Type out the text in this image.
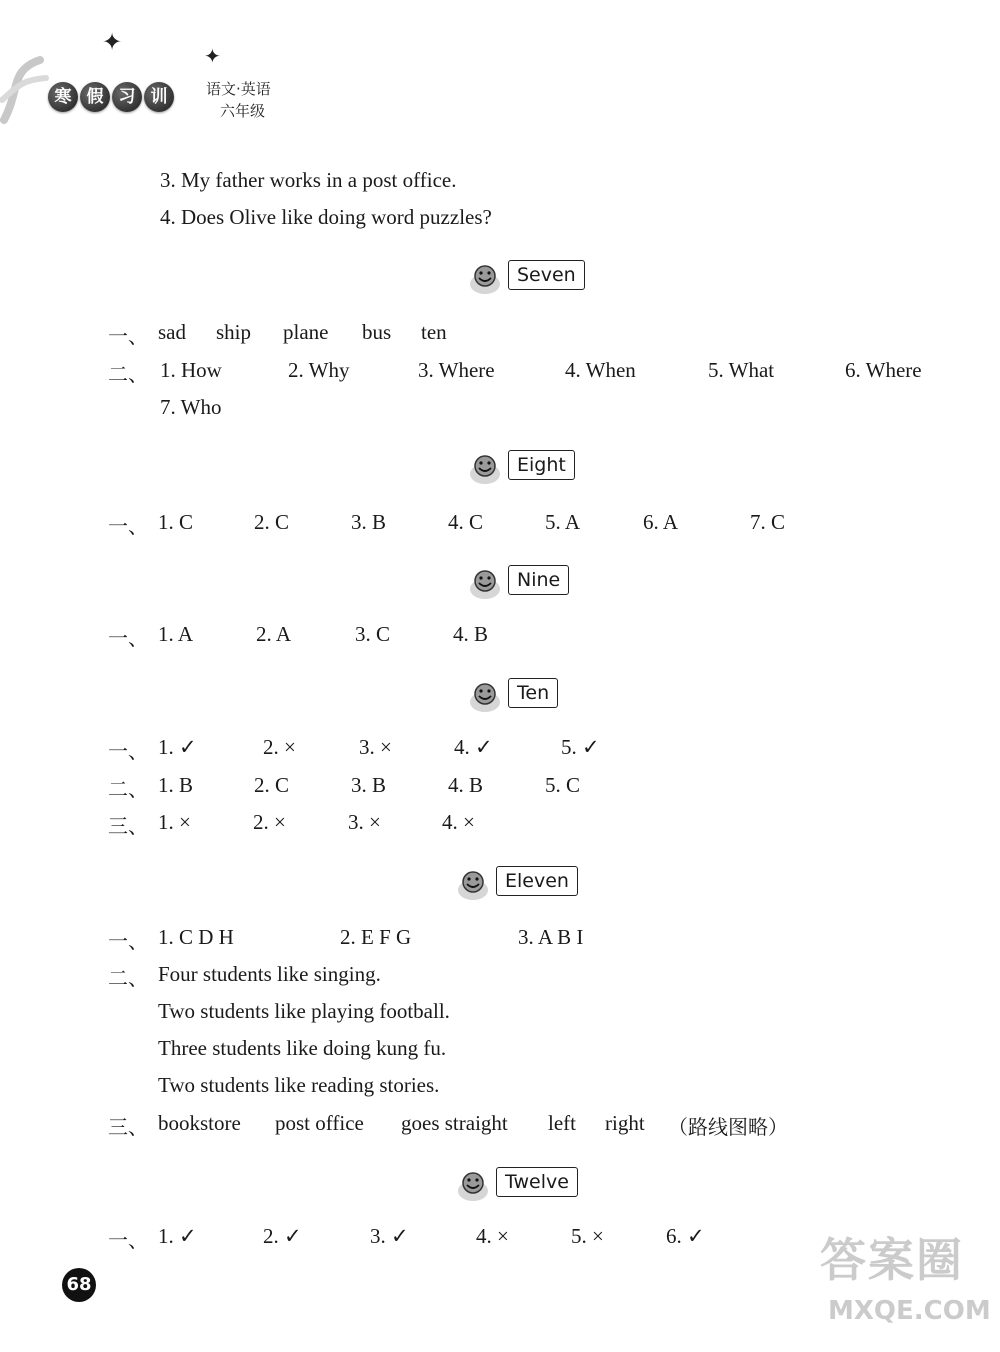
✦	✦
寒 假 习 训	语文·英语
六年级
3. My father works in a post office.
4. Does Olive like doing word puzzles?
Seven
一、 sad ship plane bus ten
二、 1. How	2. Why	3. Where	4. When	5. What	6. Where
7. Who
Eight
一、 1. C	2. C	3. B	4. C	5. A	6. A	7. C
Nine
一、 1. A	2. A	3. C	4. B
Ten
一、 1. ✓	2. ×	3. ×	4. ✓	5. ✓
二、 1. B	2. C	3. B	4. B	5. C
三、 1. ×	2. ×	3. ×	4. ×
Eleven
一、 1. C D H	2. E F G	3. A B I
二、 Four students like singing.
Two students like playing football.
Three students like doing kung fu.
Two students like reading stories.
三、 bookstore post office goes straight left right （路线图略）
Twelve
一、 1. ✓	2. ✓	3. ✓	4. ×	5. ×	6. ✓
68	答案圈
MXQE.COM
